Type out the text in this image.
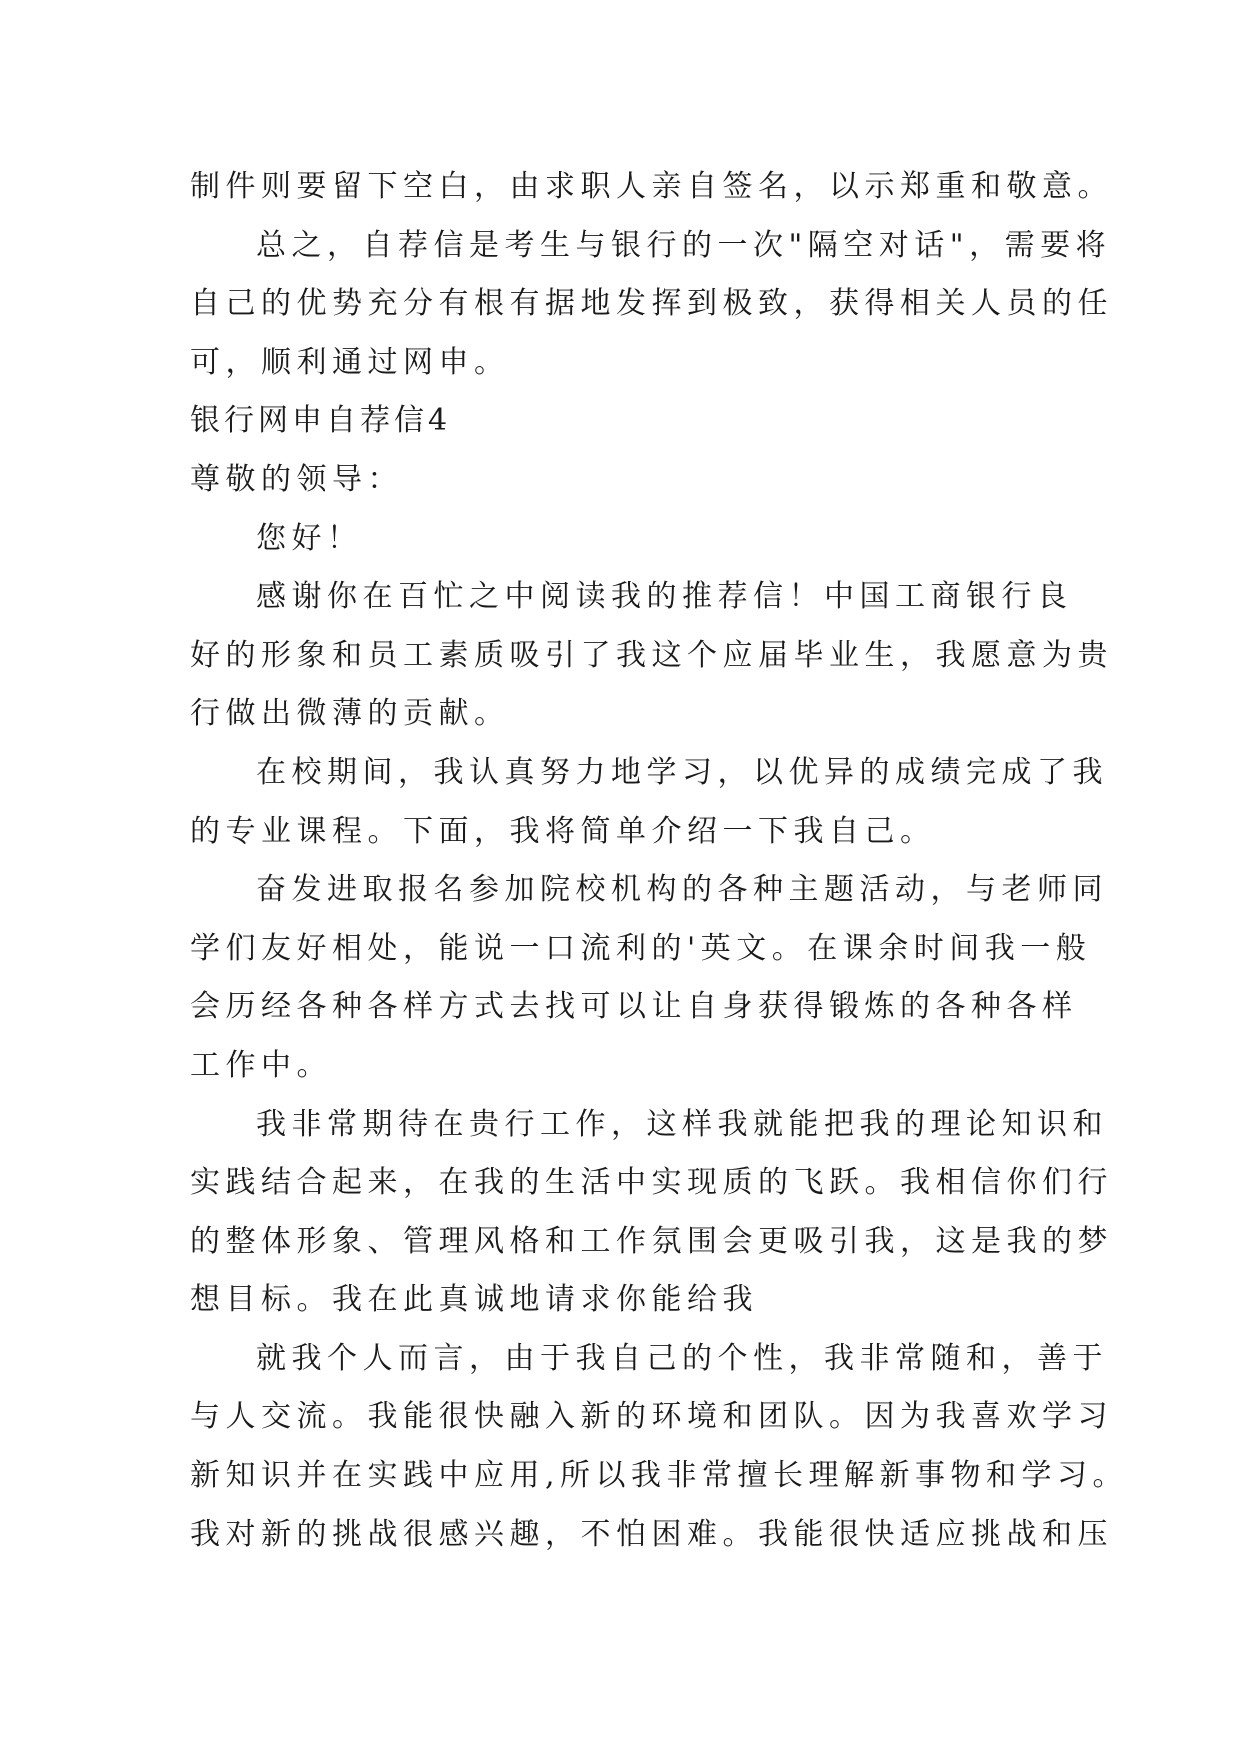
制件则要留下空白，由求职人亲自签名，以示郑重和敬意。
总之，自荐信是考生与银行的一次"隔空对话"，需要将
自己的优势充分有根有据地发挥到极致，获得相关人员的任
可，顺利通过网申。
银行网申自荐信4
尊敬的领导：
您好！
感谢你在百忙之中阅读我的推荐信！中国工商银行良
好的形象和员工素质吸引了我这个应届毕业生，我愿意为贵
行做出微薄的贡献。
在校期间，我认真努力地学习，以优异的成绩完成了我
的专业课程。下面，我将简单介绍一下我自己。
奋发进取报名参加院校机构的各种主题活动，与老师同
学们友好相处，能说一口流利的'英文。在课余时间我一般
会历经各种各样方式去找可以让自身获得锻炼的各种各样
工作中。
我非常期待在贵行工作，这样我就能把我的理论知识和
实践结合起来，在我的生活中实现质的飞跃。我相信你们行
的整体形象、管理风格和工作氛围会更吸引我，这是我的梦
想目标。我在此真诚地请求你能给我
就我个人而言，由于我自己的个性，我非常随和，善于
与人交流。我能很快融入新的环境和团队。因为我喜欢学习
新知识并在实践中应用,所以我非常擅长理解新事物和学习。
我对新的挑战很感兴趣，不怕困难。我能很快适应挑战和压
